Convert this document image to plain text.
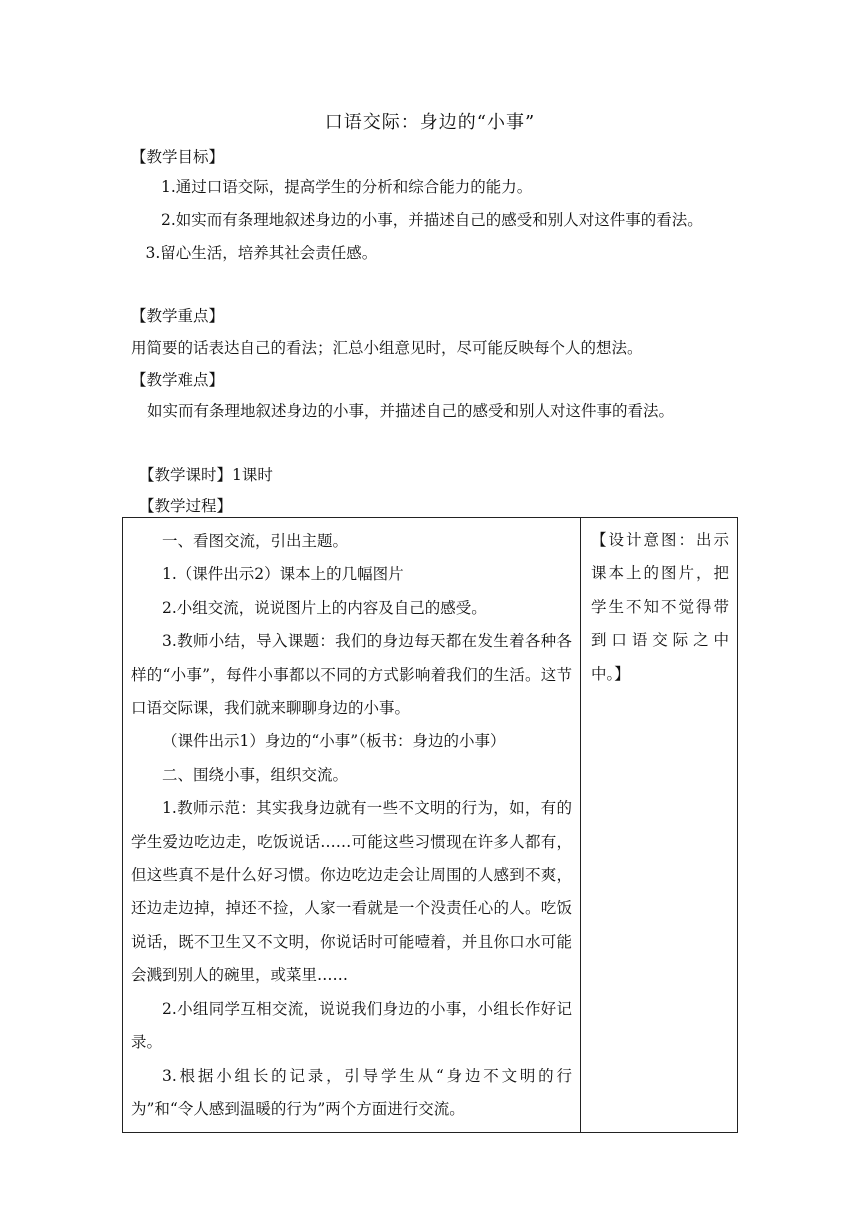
口语交际：身边的“小事”
【教学目标】

1.通过口语交际，提高学生的分析和综合能力的能力。

2.如实而有条理地叙述身边的小事，并描述自己的感受和别人对这件事的看法。

3.留心生活，培养其社会责任感。

【教学重点】
用简要的话表达自己的看法；汇总小组意见时，尽可能反映每个人的想法。
【教学难点】
如实而有条理地叙述身边的小事，并描述自己的感受和别人对这件事的看法。
【教学课时】1课时
【教学过程】

一、看图交流，引出主题。

1.（课件出示2）课本上的几幅图片

2.小组交流，说说图片上的内容及自己的感受。

3.教师小结，导入课题：我们的身边每天都在发生着各种各样的“小事”，每件小事都以不同的方式影响着我们的生活。这节口语交际课，我们就来聊聊身边的小事。

（课件出示1）身边的“小事”（板书：身边的小事）

二、围绕小事，组织交流。

1.教师示范：其实我身边就有一些不文明的行为，如，有的学生爱边吃边走，吃饭说话……可能这些习惯现在许多人都有，但这些真不是什么好习惯。你边吃边走会让周围的人感到不爽，还边走边掉，掉还不捡，人家一看就是一个没责任心的人。吃饭说话，既不卫生又不文明，你说话时可能噎着，并且你口水可能会溅到别人的碗里，或菜里……

2.小组同学互相交流，说说我们身边的小事，小组长作好记录。

3.根据小组长的记录，引导学生从“身边不文明的行为”和“令人感到温暖的行为”两个方面进行交流。

【设计意图：出示课本上的图片，把学生不知不觉得带到口语交际之中中。】
